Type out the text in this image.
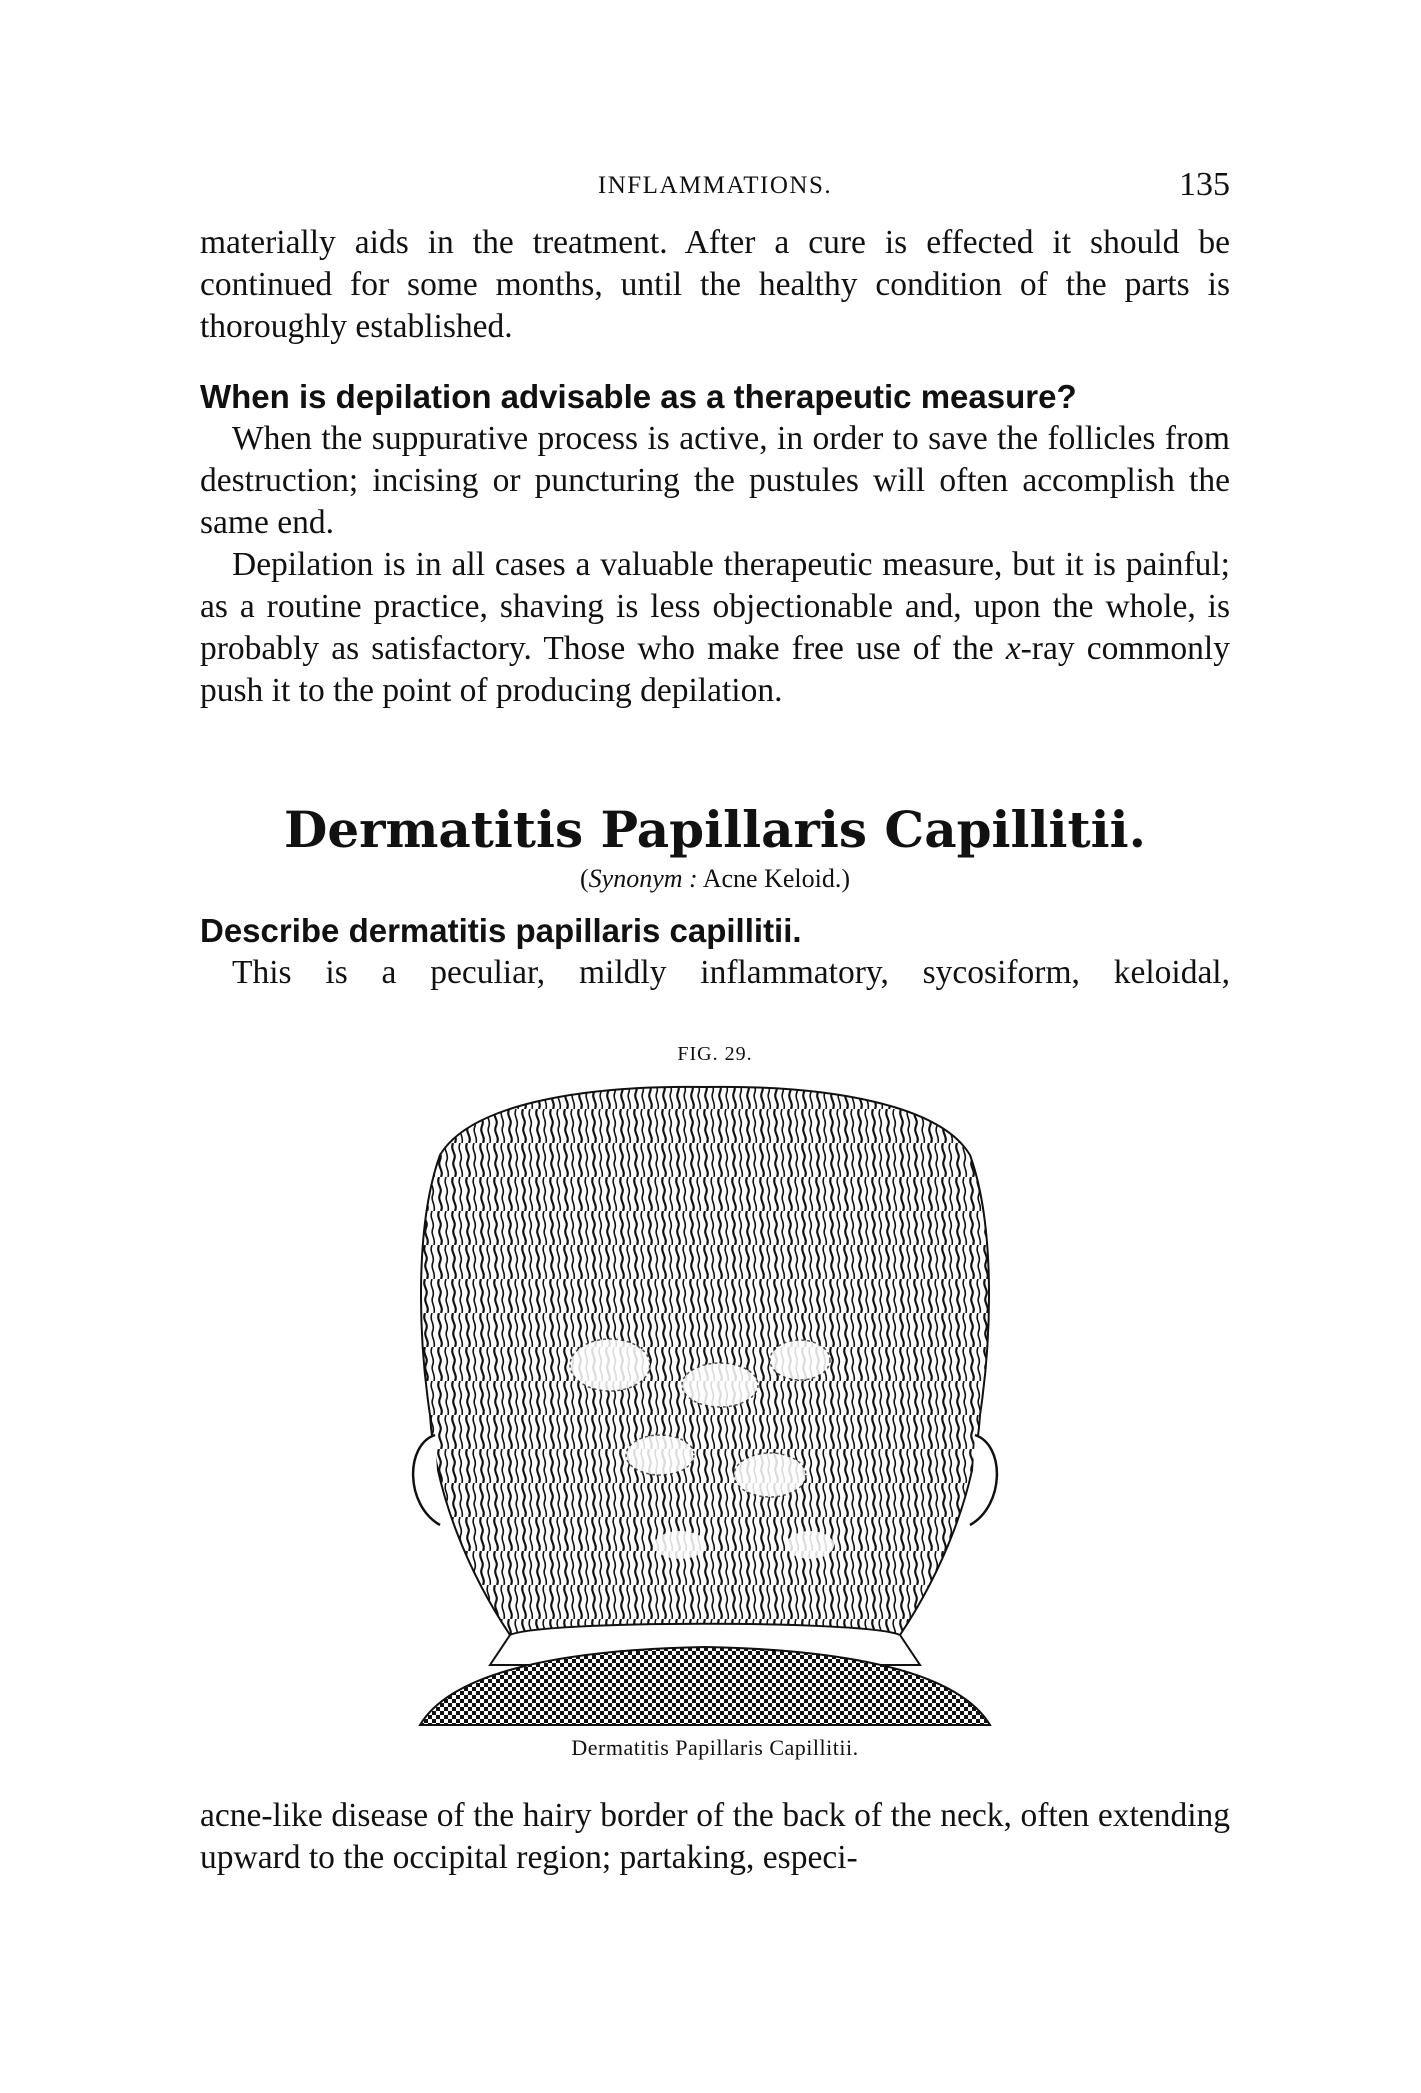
INFLAMMATIONS.	135

materially aids in the treatment. After a cure is effected it should be continued for some months, until the healthy condition of the parts is thoroughly established.

When is depilation advisable as a therapeutic measure?

When the suppurative process is active, in order to save the follicles from destruction; incising or puncturing the pustules will often accomplish the same end.

Depilation is in all cases a valuable therapeutic measure, but it is painful; as a routine practice, shaving is less objectionable and, upon the whole, is probably as satisfactory. Those who make free use of the x-ray commonly push it to the point of producing depilation.

Dermatitis Papillaris Capillitii.
(Synonym : Acne Keloid.)

Describe dermatitis papillaris capillitii.

This is a peculiar, mildly inflammatory, sycosiform, keloidal,

FIG. 29.
Dermatitis Papillaris Capillitii.

acne-like disease of the hairy border of the back of the neck, often extending upward to the occipital region; partaking, especi-
